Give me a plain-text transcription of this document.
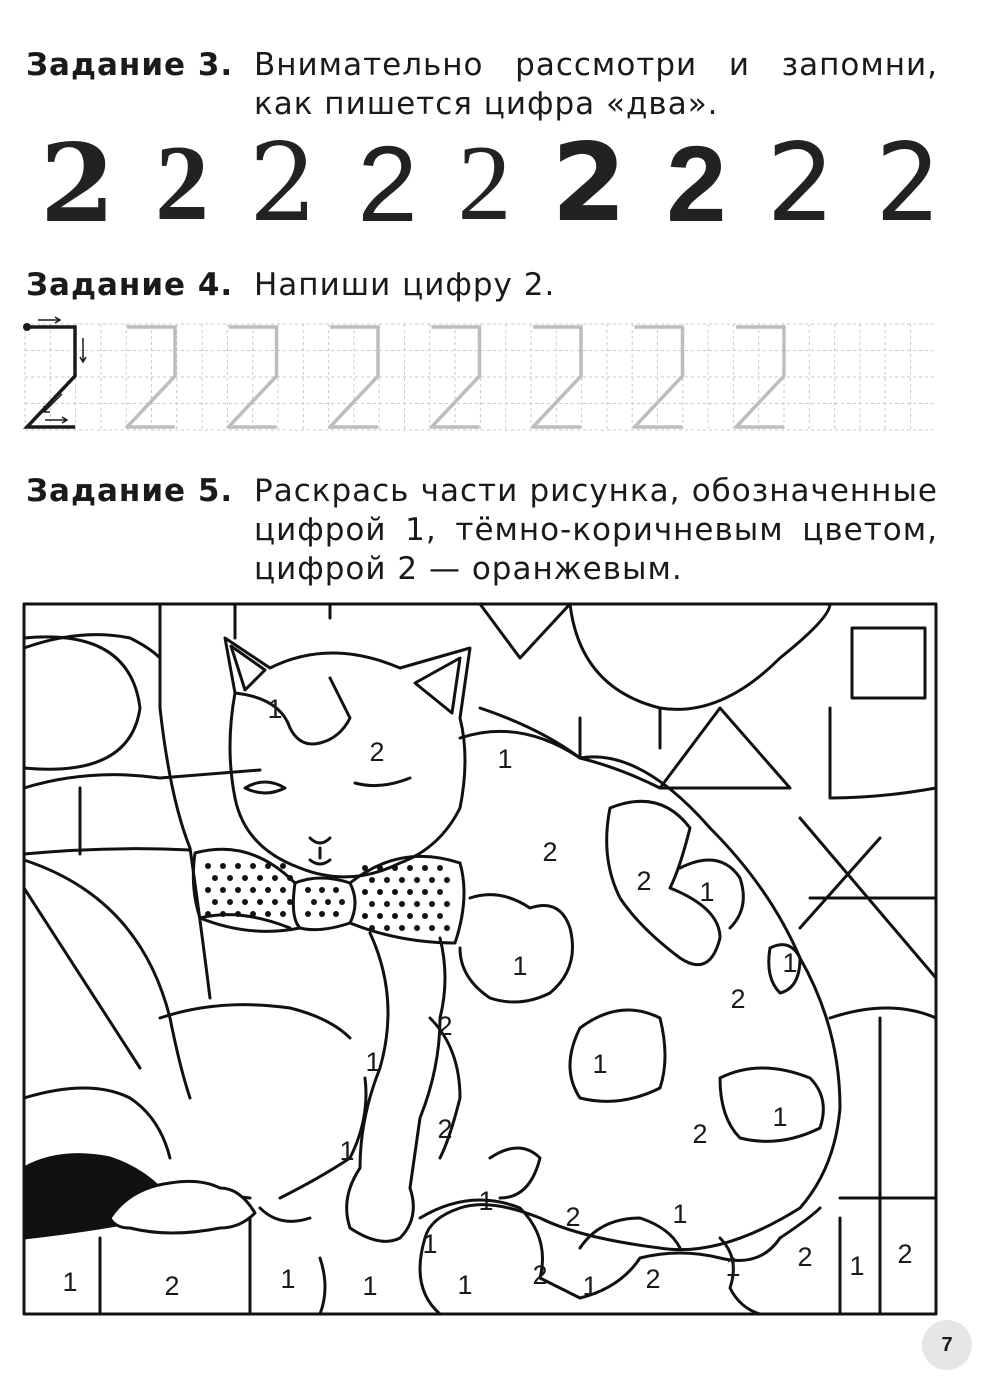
Задание 3. Внимательно рассмотри и запомни, как пишется цифра «два».
2 2 2 2 2 2 2 2 2
Задание 4. Напиши цифру 2.
Задание 5. Раскрась части рисунка, обозначенные цифрой 1, тёмно-коричневым цветом, цифрой 2 — оранжевым.
1
2	1
2
2 1
1	1
2
2
1	1
2
1
2
1
1
2	1
1
1 2 1 2 1 2 1 2
1	2	1 1
7
